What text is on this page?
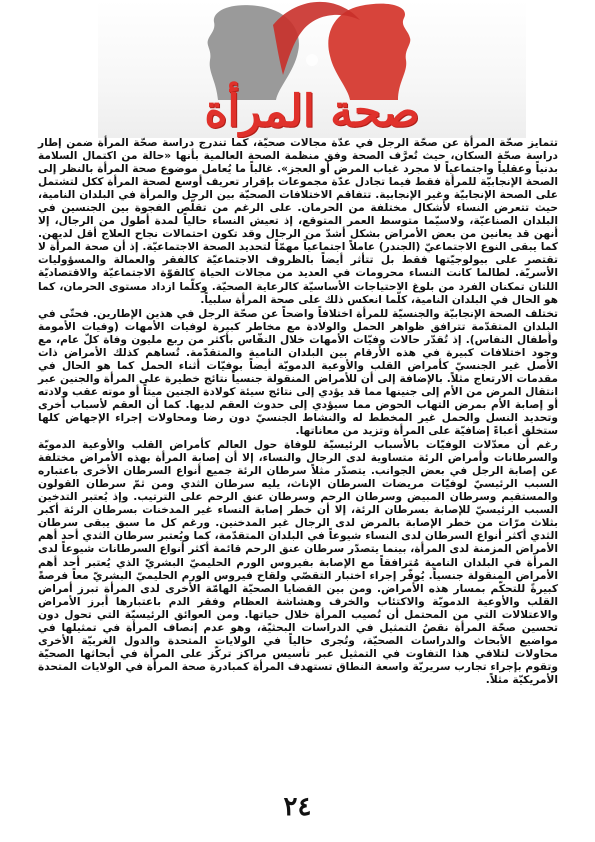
صحة المرأة

تتمايز صحّة المرأة عن صحّة الرجل في عدّة مجالات صحيّة، كما تندرج دراسة صحّة المرأة ضمن إطار دراسة صحّة السكان، حيث تُعرَّف الصحة وفق منظمة الصحة العالمية بأنها «حالة من اكتمال السلامة بدنياً وعقلياً واجتماعياً لا مجرد غياب المرض أو العجز». غالباً ما يُعامل موضوع صحة المرأة بالنظر إلى الصحة الإنجابيّة للمرأة فقط فيما تجادل عدّة مجموعات بإقرار تعريف أوسع لصحة المرأة ككل لتشتمل على الصحة الإنجابيّة وغير الإنجابية. تتفاقم الاختلافات الصحيّة بين الرجل والمرأة في البلدان النامية، حيث تتعرض النساء لأشكال مختلفة من الحرمان. على الرغم من تقلّص الفجوة بين الجنسين في البلدان الصناعيّة، ولاسيّما متوسط العمر المتوقع، إذ تعيش النساء حالياً لمدة أطول من الرجال، إلا أنهن قد يعانين من بعض الأمراض بشكل أشدّ من الرجال وقد تكون احتمالات نجاح العلاج أقل لديهن. كما يبقى النوع الاجتماعيّ (الجندر) عاملاً اجتماعياً مهمّاً لتحديد الصحة الاجتماعيّة. إذ أن صحة المرأة لا تقتصر على بيولوجيّتها فقط بل تتأثر أيضاً بالظروف الاجتماعيّة كالفقر والعمالة والمسؤوليات الأسريّة. لطالما كانت النساء محرومات في العديد من مجالات الحياة كالقوّة الاجتماعيّة والاقتصاديّة اللتان تمكنان الفرد من بلوغ الاحتياجات الأساسيّة كالرعاية الصحيّة. وكلّما ازداد مستوى الحرمان، كما هو الحال في البلدان النامية، كلّما انعكس ذلك على صحة المرأة سلبياً.

تختلف الصحة الإنجابيّة والجنسيّة للمرأة اختلافاً واضحاً عن صحّة الرجل في هذين الإطارين. فحتّى في البلدان المتقدّمة تترافق ظواهر الحمل والولادة مع مخاطر كبيرة لوفيات الأمهات (وفيات الأمومة وأطفال النفاس). إذ تُقدّر حالات وفيّات الأمهات خلال النفّاس بأكثر من ربع مليون وفاة كلّ عام، مع وجود اختلافات كبيرة في هذه الأرقام بين البلدان النامية والمتقدّمة. تُساهم كذلك الأمراض ذات الأصل غير الجنسيّ كأمراض القلب والأوعية الدمويّة أيضاً بوفيّات أثناء الحمل كما هو الحال في مقدمات الارتعاج مثلاً. بالإضافة إلى أن للأمراض المنقولة جنسياً نتائج خطيرة على المرأة والجنين عبر انتقال المرض من الأم إلى جنينها مما قد يؤدي إلى نتائج سيئة كولادة الجنين ميتاً أو موته عقب ولادته أو إصابة الأم بمرض التهاب الحوض مما سيؤدي إلى حدوث العقم لديها. كما أن العقم لأسباب أخرى وتحديد النسل والحمل غير المخطط له والنشاط الجنسيّ دون رضا ومحاولات إجراء الإجهاض كلها ستخلق أعباءً إضافيّة على المرأة وتزيد من معاناتها.

رغم أن معدّلات الوفيّات بالأسباب الرئيسيّة للوفاة حول العالم كأمراض القلب والأوعية الدمويّة والسرطانات وأمراض الرئة متساوية لدى الرجال والنساء، إلا أن إصابة المرأة بهذه الأمراض مختلفة عن إصابة الرجل في بعض الجوانب. يتصدّر مثلاً سرطان الرئة جميع أنواع السرطان الأخرى باعتباره السبب الرئيسيّ لوفيّات مريضات السرطان الإناث، يليه سرطان الثدي ومن ثمّ سرطان القولون والمستقيم وسرطان المبيض وسرطان الرحم وسرطان عنق الرحم على الترتيب. وإذ يُعتبر التدخين السبب الرئيسيّ للإصابة بسرطان الرئة، إلا أن خطر إصابة النساء غير المدخنات بسرطان الرئة أكبر بثلاث مرّات من خطر الإصابة بالمرض لدى الرجال غير المدخنين. ورغم كل ما سبق يبقى سرطان الثدي أكثر أنواع السرطان لدى النساء شيوعاً في البلدان المتقدّمة، كما ويُعتبر سرطان الثدي أحد أهم الأمراض المزمنة لدى المرأة، بينما يتصدّر سرطان عنق الرحم قائمة أكثر أنواع السرطانات شيوعاً لدى المرأة في البلدان النامية مُترافقاً مع الإصابة بفيروس الورم الحليميّ البشريّ الذي يُعتبر أحد أهم الأمراض المنقولة جنسياً. يُوفّر إجراء اختبار التقصّي ولقاح فيروس الورم الحليميّ البشريّ معاً فرصةً كبيرةً للتحكّم بمسار هذه الأمراض. ومن بين القضايا الصحيّة الهامّة الأخرى لدى المرأة تبرز أمراض القلب والأوعية الدمويّة والاكتئاب والخرف وهشاشة العظام وفقر الدم باعتبارها أبرز الأمراض والاعتلالات التي من المحتمل أن تُصيب المرأة خلال حياتها. ومن العوائق الرئيسيّة التي تحول دون تحسين صحّة المرأة نقصُ التمثيل في الدراسات البحثيّة، وهو عدم إنصاف المرأة في تمثيلها في مواضيع الأبحاث والدراسات الصحيّة، وتُجرى حالياً في الولايات المتحدة والدول الغربيّة الأخرى محاولات لتلافي هذا التفاوت في التمثيل عبر تأسيس مراكز تركّز على المرأة في أبحاثها الصحيّة وتقوم بإجراء تجارب سريريّة واسعة النطاق تستهدف المرأة كمبادرة صحة المرأة في الولايات المتحدة الأمريكيّة مثلاً.

٢٤
